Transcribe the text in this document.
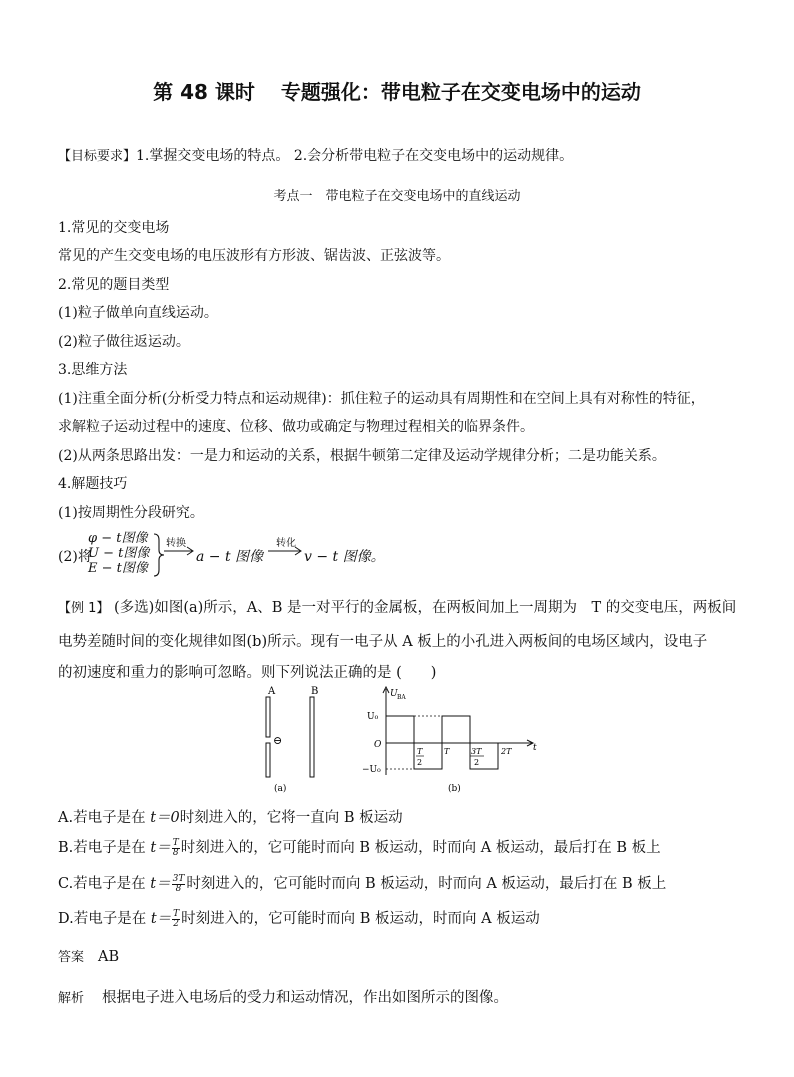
第 48 课时 专题强化：带电粒子在交变电场中的运动
【目标要求】1.掌握交变电场的特点。 2.会分析带电粒子在交变电场中的运动规律。
考点一　带电粒子在交变电场中的直线运动
1.常见的交变电场
常见的产生交变电场的电压波形有方形波、锯齿波、正弦波等。
2.常见的题目类型
(1)粒子做单向直线运动。
(2)粒子做往返运动。
3.思维方法
(1)注重全面分析(分析受力特点和运动规律)：抓住粒子的运动具有周期性和在空间上具有对称性的特征，
求解粒子运动过程中的速度、位移、做功或确定与物理过程相关的临界条件。
(2)从两条思路出发：一是力和运动的关系，根据牛顿第二定律及运动学规律分析；二是功能关系。
4.解题技巧
(1)按周期性分段研究。
(2)将
φ − t图像
U − t图像
E − t图像
转换
a − t 图像
转化
v − t 图像。
【例 1】 (多选)如图(a)所示，A、B 是一对平行的金属板，在两板间加上一周期为　T 的交变电压，两板间
电势差随时间的变化规律如图(b)所示。现有一电子从 A 板上的小孔进入两板间的电场区域内，设电子
的初速度和重力的影响可忽略。则下列说法正确的是 (　　)
A	B
⊖
(a)
U BA
t
U₀
O
−U₀
T
2
T	3T
2
2T
(b)
A.若电子是在 t＝0时刻进入的，它将一直向 B 板运动
B.若电子是在 $t= \frac{T}{8}$ 时刻进入的，它可能时而向 B 板运动，时而向 A 板运动，最后打在 B 板上
C.若电子是在 $t= \frac{3T}{8}$ 时刻进入的，它可能时而向 B 板运动，时而向 A 板运动，最后打在 B 板上
D.若电子是在 $t= \frac{T}{2}$ 时刻进入的，它可能时而向 B 板运动，时而向 A 板运动
答案 AB
解析 根据电子进入电场后的受力和运动情况，作出如图所示的图像。
